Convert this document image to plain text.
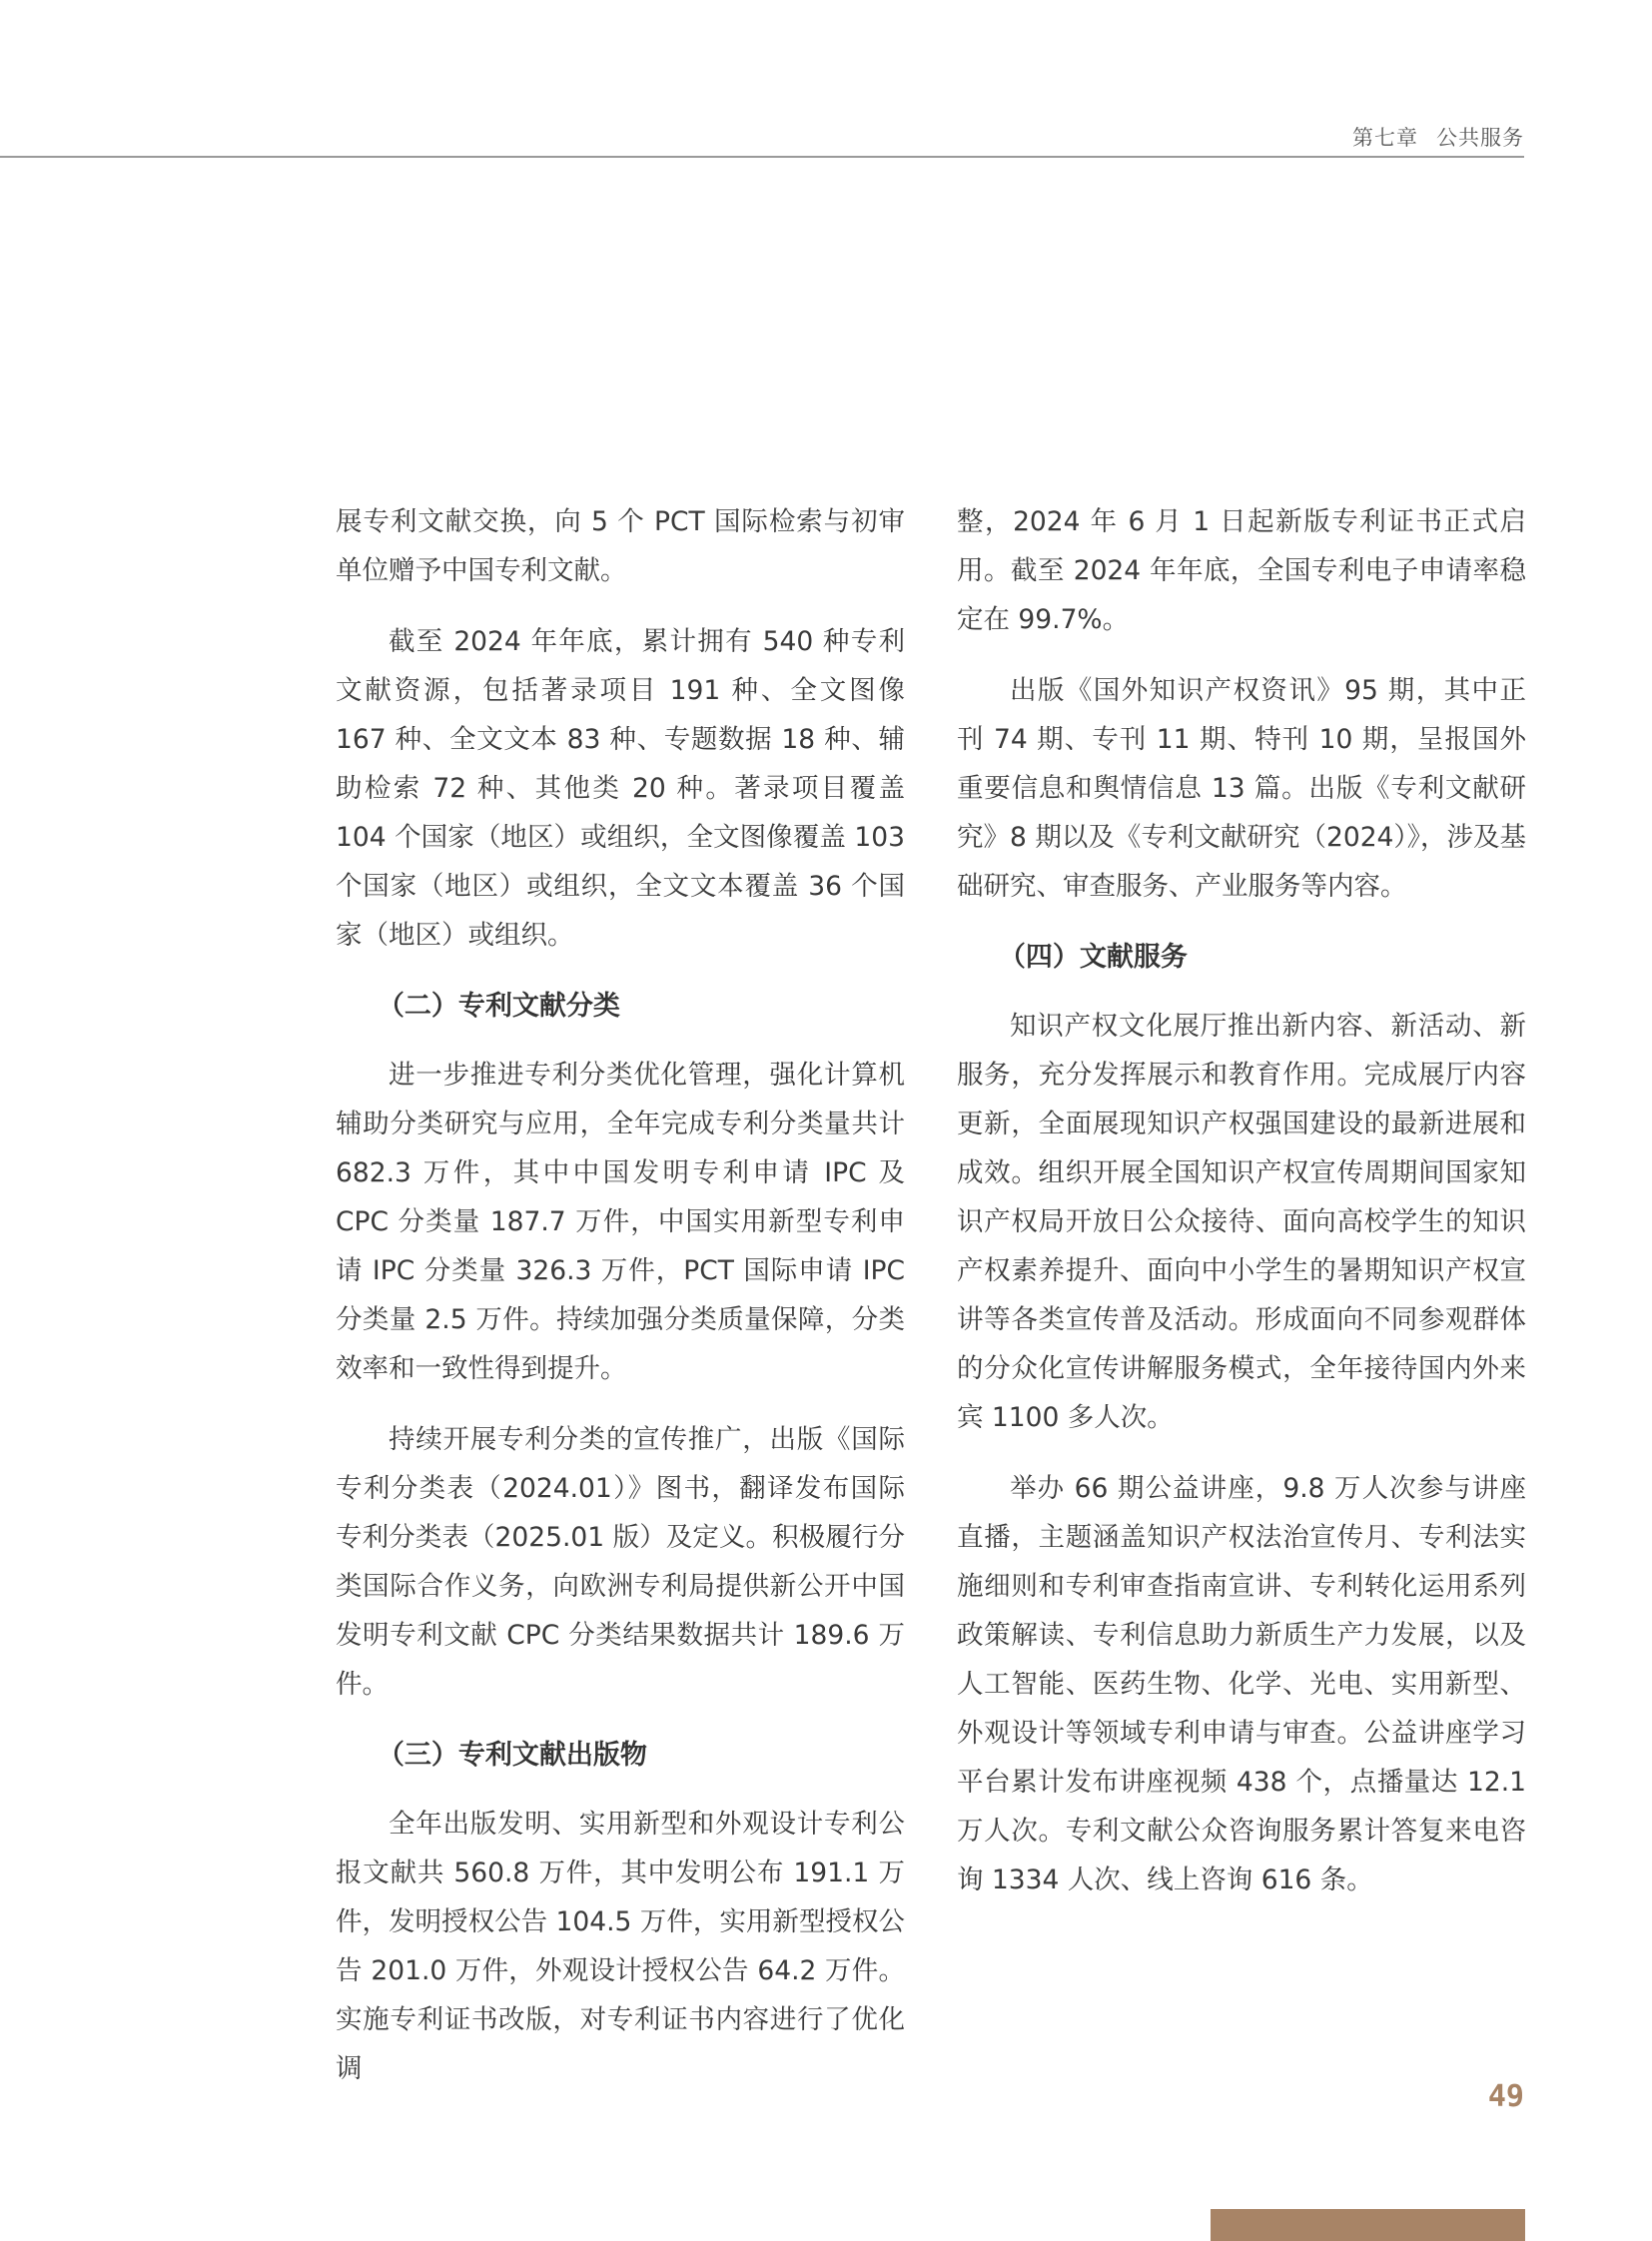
第七章 公共服务

展专利文献交换，向 5 个 PCT 国际检索与初审单位赠予中国专利文献。

截至 2024 年年底，累计拥有 540 种专利文献资源，包括著录项目 191 种、全文图像 167 种、全文文本 83 种、专题数据 18 种、辅助检索 72 种、其他类 20 种。著录项目覆盖 104 个国家（地区）或组织，全文图像覆盖 103 个国家（地区）或组织，全文文本覆盖 36 个国家（地区）或组织。

（二）专利文献分类

进一步推进专利分类优化管理，强化计算机辅助分类研究与应用，全年完成专利分类量共计 682.3 万件，其中中国发明专利申请 IPC 及 CPC 分类量 187.7 万件，中国实用新型专利申请 IPC 分类量 326.3 万件，PCT 国际申请 IPC 分类量 2.5 万件。持续加强分类质量保障，分类效率和一致性得到提升。

持续开展专利分类的宣传推广，出版《国际专利分类表（2024.01）》图书，翻译发布国际专利分类表（2025.01 版）及定义。积极履行分类国际合作义务，向欧洲专利局提供新公开中国发明专利文献 CPC 分类结果数据共计 189.6 万件。

（三）专利文献出版物

全年出版发明、实用新型和外观设计专利公报文献共 560.8 万件，其中发明公布 191.1 万件，发明授权公告 104.5 万件，实用新型授权公告 201.0 万件，外观设计授权公告 64.2 万件。实施专利证书改版，对专利证书内容进行了优化调

整，2024 年 6 月 1 日起新版专利证书正式启用。截至 2024 年年底，全国专利电子申请率稳定在 99.7%。

出版《国外知识产权资讯》95 期，其中正刊 74 期、专刊 11 期、特刊 10 期，呈报国外重要信息和舆情信息 13 篇。出版《专利文献研究》8 期以及《专利文献研究（2024）》，涉及基础研究、审查服务、产业服务等内容。

（四）文献服务

知识产权文化展厅推出新内容、新活动、新服务，充分发挥展示和教育作用。完成展厅内容更新，全面展现知识产权强国建设的最新进展和成效。组织开展全国知识产权宣传周期间国家知识产权局开放日公众接待、面向高校学生的知识产权素养提升、面向中小学生的暑期知识产权宣讲等各类宣传普及活动。形成面向不同参观群体的分众化宣传讲解服务模式，全年接待国内外来宾 1100 多人次。

举办 66 期公益讲座，9.8 万人次参与讲座直播，主题涵盖知识产权法治宣传月、专利法实施细则和专利审查指南宣讲、专利转化运用系列政策解读、专利信息助力新质生产力发展，以及人工智能、医药生物、化学、光电、实用新型、外观设计等领域专利申请与审查。公益讲座学习平台累计发布讲座视频 438 个，点播量达 12.1 万人次。专利文献公众咨询服务累计答复来电咨询 1334 人次、线上咨询 616 条。

49
